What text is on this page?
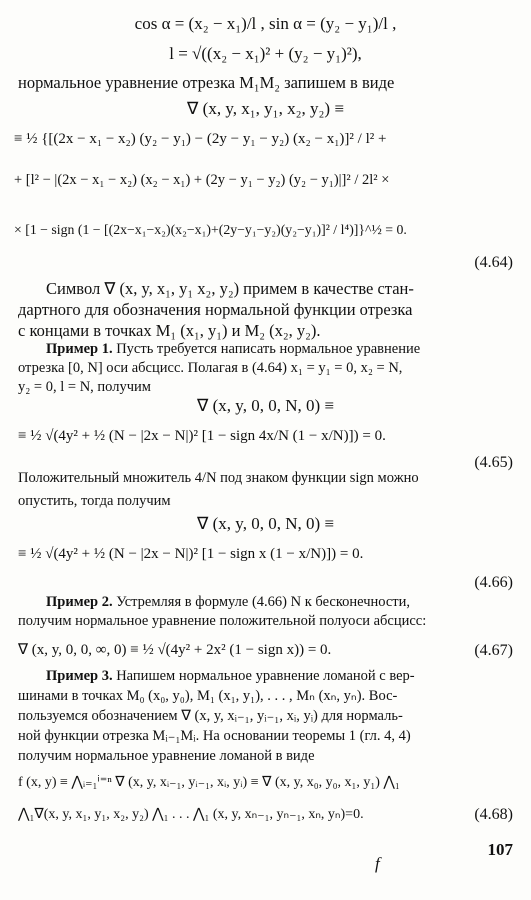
cos α = (x₂ − x₁)/l , sin α = (y₂ − y₁)/l ,
l = √((x₂ − x₁)² + (y₂ − y₁)²),
нормальное уравнение отрезка M₁M₂ запишем в виде
∇ (x, y, x₁, y₁, x₂, y₂) ≡
≡ ½ {[(2x − x₁ − x₂) (y₂ − y₁) − (2y − y₁ − y₂) (x₂ − x₁)]² / l² +
+ [l² − |(2x − x₁ − x₂) (x₂ − x₁) + (2y − y₁ − y₂) (y₂ − y₁)|]² / 2l² ×
× [1 − sign (1 − [(2x−x₁−x₂)(x₂−x₁)+(2y−y₁−y₂)(y₂−y₁)]² / l⁴)]}^½ = 0.
(4.64)
Символ ∇ (x, y, x₁, y₁ x₂, y₂) примем в качестве стан-
дартного для обозначения нормальной функции отрезка
с концами в точках M₁ (x₁, y₁) и M₂ (x₂, y₂).
Пример 1. Пусть требуется написать нормальное уравнение
отрезка [0, N] оси абсцисс. Полагая в (4.64) x₁ = y₁ = 0, x₂ = N,
y₂ = 0, l = N, получим
∇ (x, y, 0, 0, N, 0) ≡
≡ ½ √(4y² + ½ (N − |2x − N|)² [1 − sign 4x/N (1 − x/N)]) = 0.
(4.65)
Положительный множитель 4/N под знаком функции sign можно
опустить, тогда получим
∇ (x, y, 0, 0, N, 0) ≡
≡ ½ √(4y² + ½ (N − |2x − N|)² [1 − sign x (1 − x/N)]) = 0.
(4.66)
Пример 2. Устремляя в формуле (4.66) N к бесконечности,
получим нормальное уравнение положительной полуоси абсцисс:
∇ (x, y, 0, 0, ∞, 0) ≡ ½ √(4y² + 2x² (1 − sign x)) = 0.	(4.67)
Пример 3. Напишем нормальное уравнение ломаной с вер-
шинами в точках M₀ (x₀, y₀), M₁ (x₁, y₁), . . . , Mₙ (xₙ, yₙ). Вос-
пользуемся обозначением ∇ (x, y, xᵢ₋₁, yᵢ₋₁, xᵢ, yᵢ) для нормаль-
ной функции отрезка Mᵢ₋₁Mᵢ. На основании теоремы 1 (гл. 4, 4)
получим нормальное уравнение ломаной в виде
f (x, y) ≡ ⋀ᵢ₌₁ⁱ⁼ⁿ ∇ (x, y, xᵢ₋₁, yᵢ₋₁, xᵢ, yᵢ) ≡ ∇ (x, y, x₀, y₀, x₁, y₁) ⋀₁
⋀₁∇(x, y, x₁, y₁, x₂, y₂) ⋀₁ . . . ⋀₁ (x, y, xₙ₋₁, yₙ₋₁, xₙ, yₙ)=0.	(4.68)
f
107
